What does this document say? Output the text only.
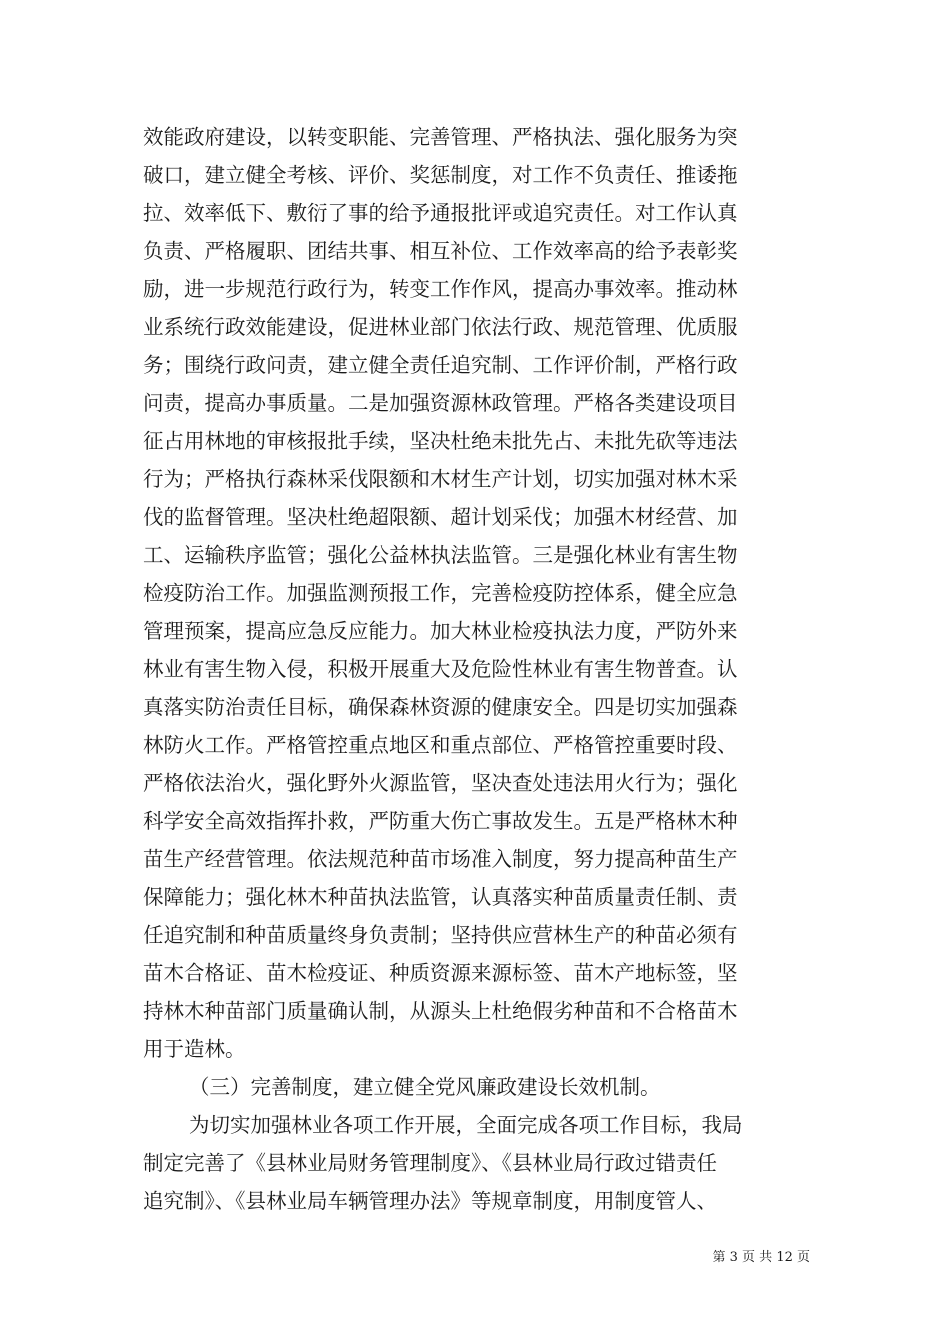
效能政府建设，以转变职能、完善管理、严格执法、强化服务为突
破口，建立健全考核、评价、奖惩制度，对工作不负责任、推诿拖
拉、效率低下、敷衍了事的给予通报批评或追究责任。对工作认真
负责、严格履职、团结共事、相互补位、工作效率高的给予表彰奖
励，进一步规范行政行为，转变工作作风，提高办事效率。推动林
业系统行政效能建设，促进林业部门依法行政、规范管理、优质服
务；围绕行政问责，建立健全责任追究制、工作评价制，严格行政
问责，提高办事质量。二是加强资源林政管理。严格各类建设项目
征占用林地的审核报批手续，坚决杜绝未批先占、未批先砍等违法
行为；严格执行森林采伐限额和木材生产计划，切实加强对林木采
伐的监督管理。坚决杜绝超限额、超计划采伐；加强木材经营、加
工、运输秩序监管；强化公益林执法监管。三是强化林业有害生物
检疫防治工作。加强监测预报工作，完善检疫防控体系，健全应急
管理预案，提高应急反应能力。加大林业检疫执法力度，严防外来
林业有害生物入侵，积极开展重大及危险性林业有害生物普查。认
真落实防治责任目标，确保森林资源的健康安全。四是切实加强森
林防火工作。严格管控重点地区和重点部位、严格管控重要时段、
严格依法治火，强化野外火源监管，坚决查处违法用火行为；强化
科学安全高效指挥扑救，严防重大伤亡事故发生。五是严格林木种
苗生产经营管理。依法规范种苗市场准入制度，努力提高种苗生产
保障能力；强化林木种苗执法监管，认真落实种苗质量责任制、责
任追究制和种苗质量终身负责制；坚持供应营林生产的种苗必须有
苗木合格证、苗木检疫证、种质资源来源标签、苗木产地标签，坚
持林木种苗部门质量确认制，从源头上杜绝假劣种苗和不合格苗木
用于造林。
（三）完善制度，建立健全党风廉政建设长效机制。
为切实加强林业各项工作开展，全面完成各项工作目标，我局
制定完善了《县林业局财务管理制度》、《县林业局行政过错责任
追究制》、《县林业局车辆管理办法》等规章制度，用制度管人、
第 3 页 共 12 页
